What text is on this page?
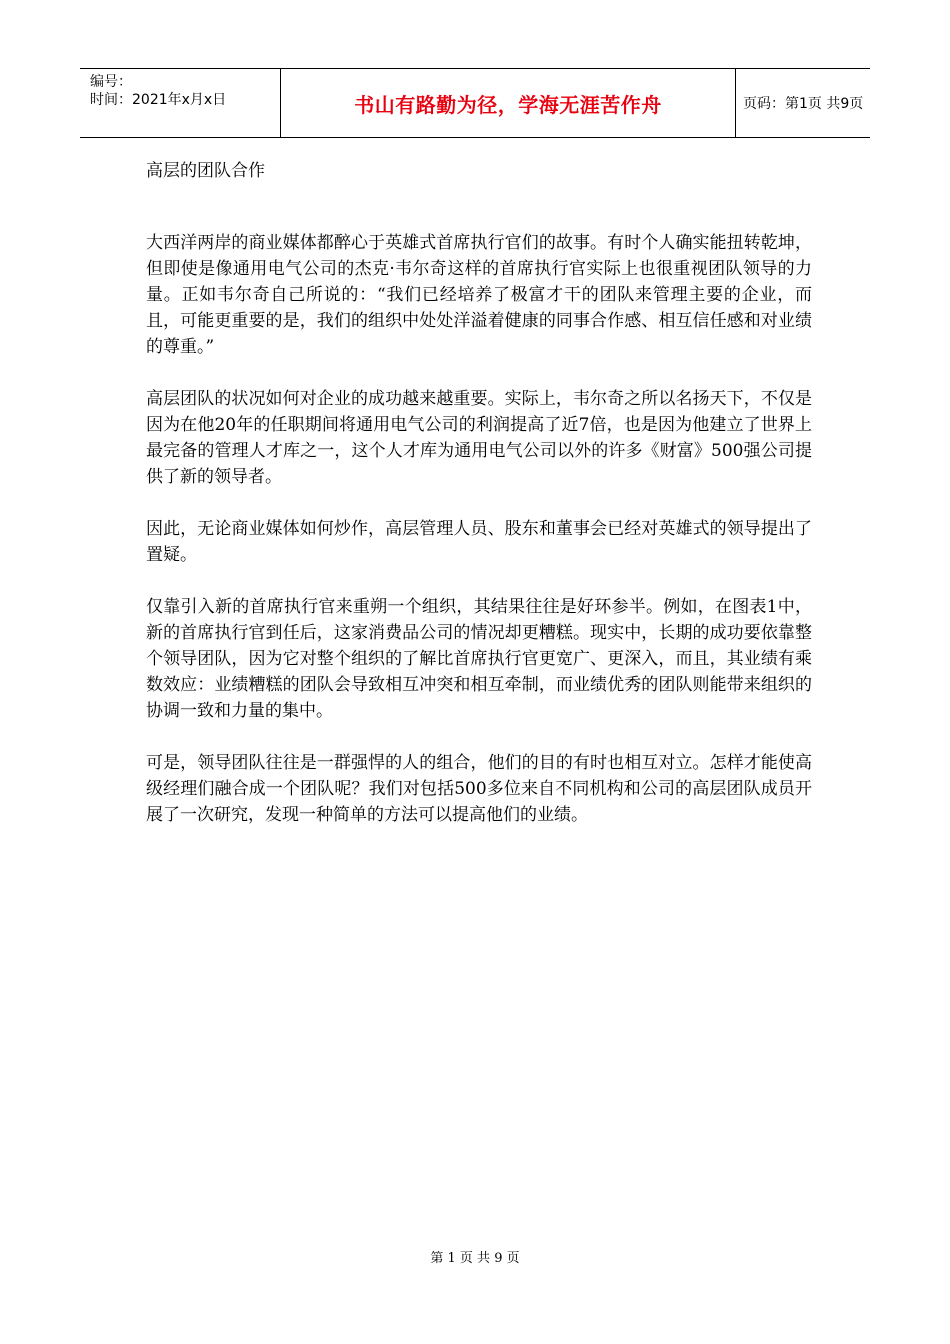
编号：
时间：2021年x月x日	书山有路勤为径，学海无涯苦作舟	页码：第1页 共9页
高层的团队合作

大西洋两岸的商业媒体都醉心于英雄式首席执行官们的故事。有时个人确实能扭转乾坤，但即使是像通用电气公司的杰克·韦尔奇这样的首席执行官实际上也很重视团队领导的力量。正如韦尔奇自己所说的：“我们已经培养了极富才干的团队来管理主要的企业，而且，可能更重要的是，我们的组织中处处洋溢着健康的同事合作感、相互信任感和对业绩的尊重。”

高层团队的状况如何对企业的成功越来越重要。实际上，韦尔奇之所以名扬天下，不仅是因为在他20年的任职期间将通用电气公司的利润提高了近7倍，也是因为他建立了世界上最完备的管理人才库之一，这个人才库为通用电气公司以外的许多《财富》500强公司提供了新的领导者。

因此，无论商业媒体如何炒作，高层管理人员、股东和董事会已经对英雄式的领导提出了置疑。

仅靠引入新的首席执行官来重朔一个组织，其结果往往是好环参半。例如，在图表1中，新的首席执行官到任后，这家消费品公司的情况却更糟糕。现实中，长期的成功要依靠整个领导团队，因为它对整个组织的了解比首席执行官更宽广、更深入，而且，其业绩有乘数效应：业绩糟糕的团队会导致相互冲突和相互牵制，而业绩优秀的团队则能带来组织的协调一致和力量的集中。

可是，领导团队往往是一群强悍的人的组合，他们的目的有时也相互对立。怎样才能使高级经理们融合成一个团队呢？我们对包括500多位来自不同机构和公司的高层团队成员开展了一次研究，发现一种简单的方法可以提高他们的业绩。

第 1 页 共 9 页
